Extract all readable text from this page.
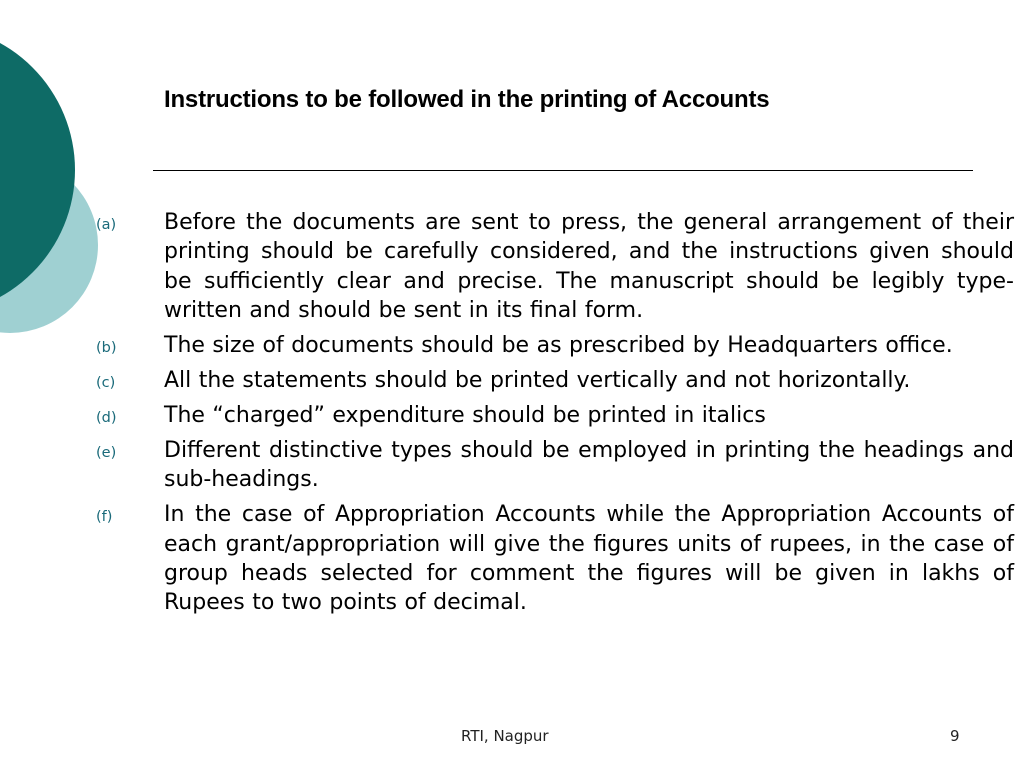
Instructions to be followed in the printing of Accounts
(a) Before the documents are sent to press, the general arrangement of their printing should be carefully considered, and the instructions given should be sufficiently clear and precise. The manuscript should be legibly type-written and should be sent in its final form.
(b) The size of documents should be as prescribed by Headquarters office.
(c) All the statements should be printed vertically and not horizontally.
(d) The “charged” expenditure should be printed in italics
(e) Different distinctive types should be employed in printing the headings and sub-headings.
(f) In the case of Appropriation Accounts while the Appropriation Accounts of each grant/appropriation will give the figures units of rupees, in the case of group heads selected for comment the figures will be given in lakhs of Rupees to two points of decimal.
RTI, Nagpur	9
